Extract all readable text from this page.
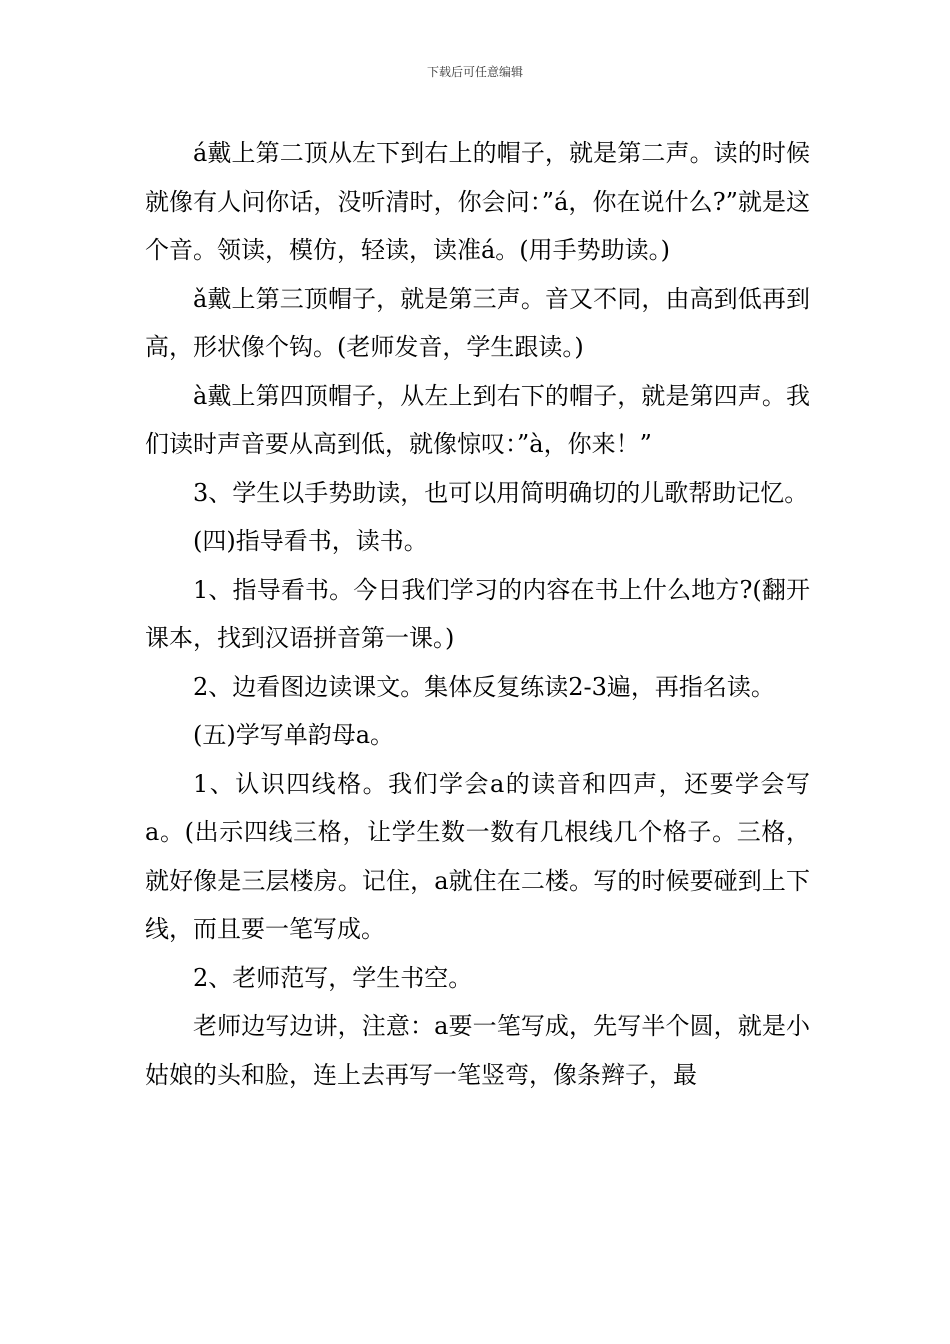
下载后可任意编辑

á戴上第二顶从左下到右上的帽子，就是第二声。读的时候就像有人问你话，没听清时，你会问：”á，你在说什么?”就是这个音。领读，模仿，轻读，读准á。(用手势助读。)

ǎ戴上第三顶帽子，就是第三声。音又不同，由高到低再到高，形状像个钩。(老师发音，学生跟读。)

à戴上第四顶帽子，从左上到右下的帽子，就是第四声。我们读时声音要从高到低，就像惊叹：”à，你来！”

3、学生以手势助读，也可以用简明确切的儿歌帮助记忆。

(四)指导看书，读书。

1、指导看书。今日我们学习的内容在书上什么地方?(翻开课本，找到汉语拼音第一课。)

2、边看图边读课文。集体反复练读2-3遍，再指名读。

(五)学写单韵母a。

1、认识四线格。我们学会a的读音和四声，还要学会写a。(出示四线三格，让学生数一数有几根线几个格子。三格，就好像是三层楼房。记住，a就住在二楼。写的时候要碰到上下线，而且要一笔写成。

2、老师范写，学生书空。

老师边写边讲，注意：a要一笔写成，先写半个圆，就是小姑娘的头和脸，连上去再写一笔竖弯，像条辫子，最
